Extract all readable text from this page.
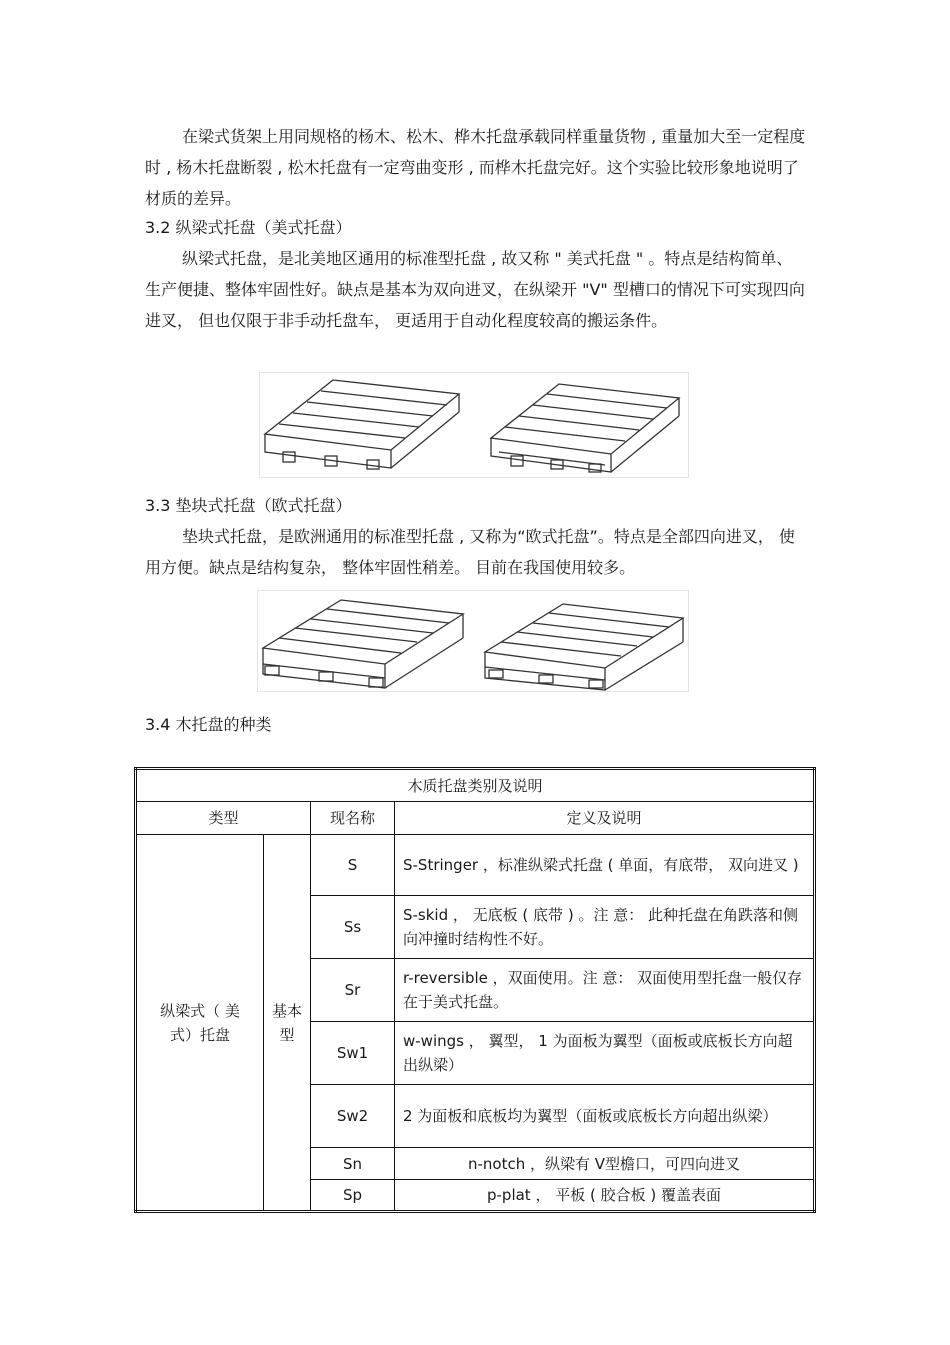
在梁式货架上用同规格的杨木、松木、桦木托盘承载同样重量货物 , 重量加大至一定程度时 , 杨木托盘断裂 , 松木托盘有一定弯曲变形 , 而桦木托盘完好。这个实验比较形象地说明了材质的差异。

3.2 纵梁式托盘（美式托盘）

纵梁式托盘，是北美地区通用的标准型托盘 , 故又称 " 美式托盘 " 。特点是结构简单、生产便捷、整体牢固性好。缺点是基本为双向进叉，在纵梁开 "V" 型槽口的情况下可实现四向进叉， 但也仅限于非手动托盘车， 更适用于自动化程度较高的搬运条件。

3.3 垫块式托盘（欧式托盘）

垫块式托盘，是欧洲通用的标准型托盘 , 又称为“欧式托盘”。特点是全部四向进叉， 使用方便。缺点是结构复杂， 整体牢固性稍差。 目前在我国使用较多。

3.4 木托盘的种类

木质托盘类别及说明			
类型		现名称	定义及说明
纵梁式（ 美式）托盘	基本型	S	S-Stringer ，标准纵梁式托盘 ( 单面，有底带， 双向进叉 )
		Ss	S-skid ， 无底板 ( 底带 ) 。注 意： 此种托盘在角跌落和侧向冲撞时结构性不好。
		Sr	r-reversible ，双面使用。注 意： 双面使用型托盘一般仅存在于美式托盘。
		Sw1	w-wings ， 翼型， 1 为面板为翼型（面板或底板长方向超出纵梁）
		Sw2	2 为面板和底板均为翼型（面板或底板长方向超出纵梁）
		Sn	n-notch ，纵梁有 V型檐口，可四向进叉
		Sp	p-plat ， 平板 ( 胶合板 ) 覆盖表面
